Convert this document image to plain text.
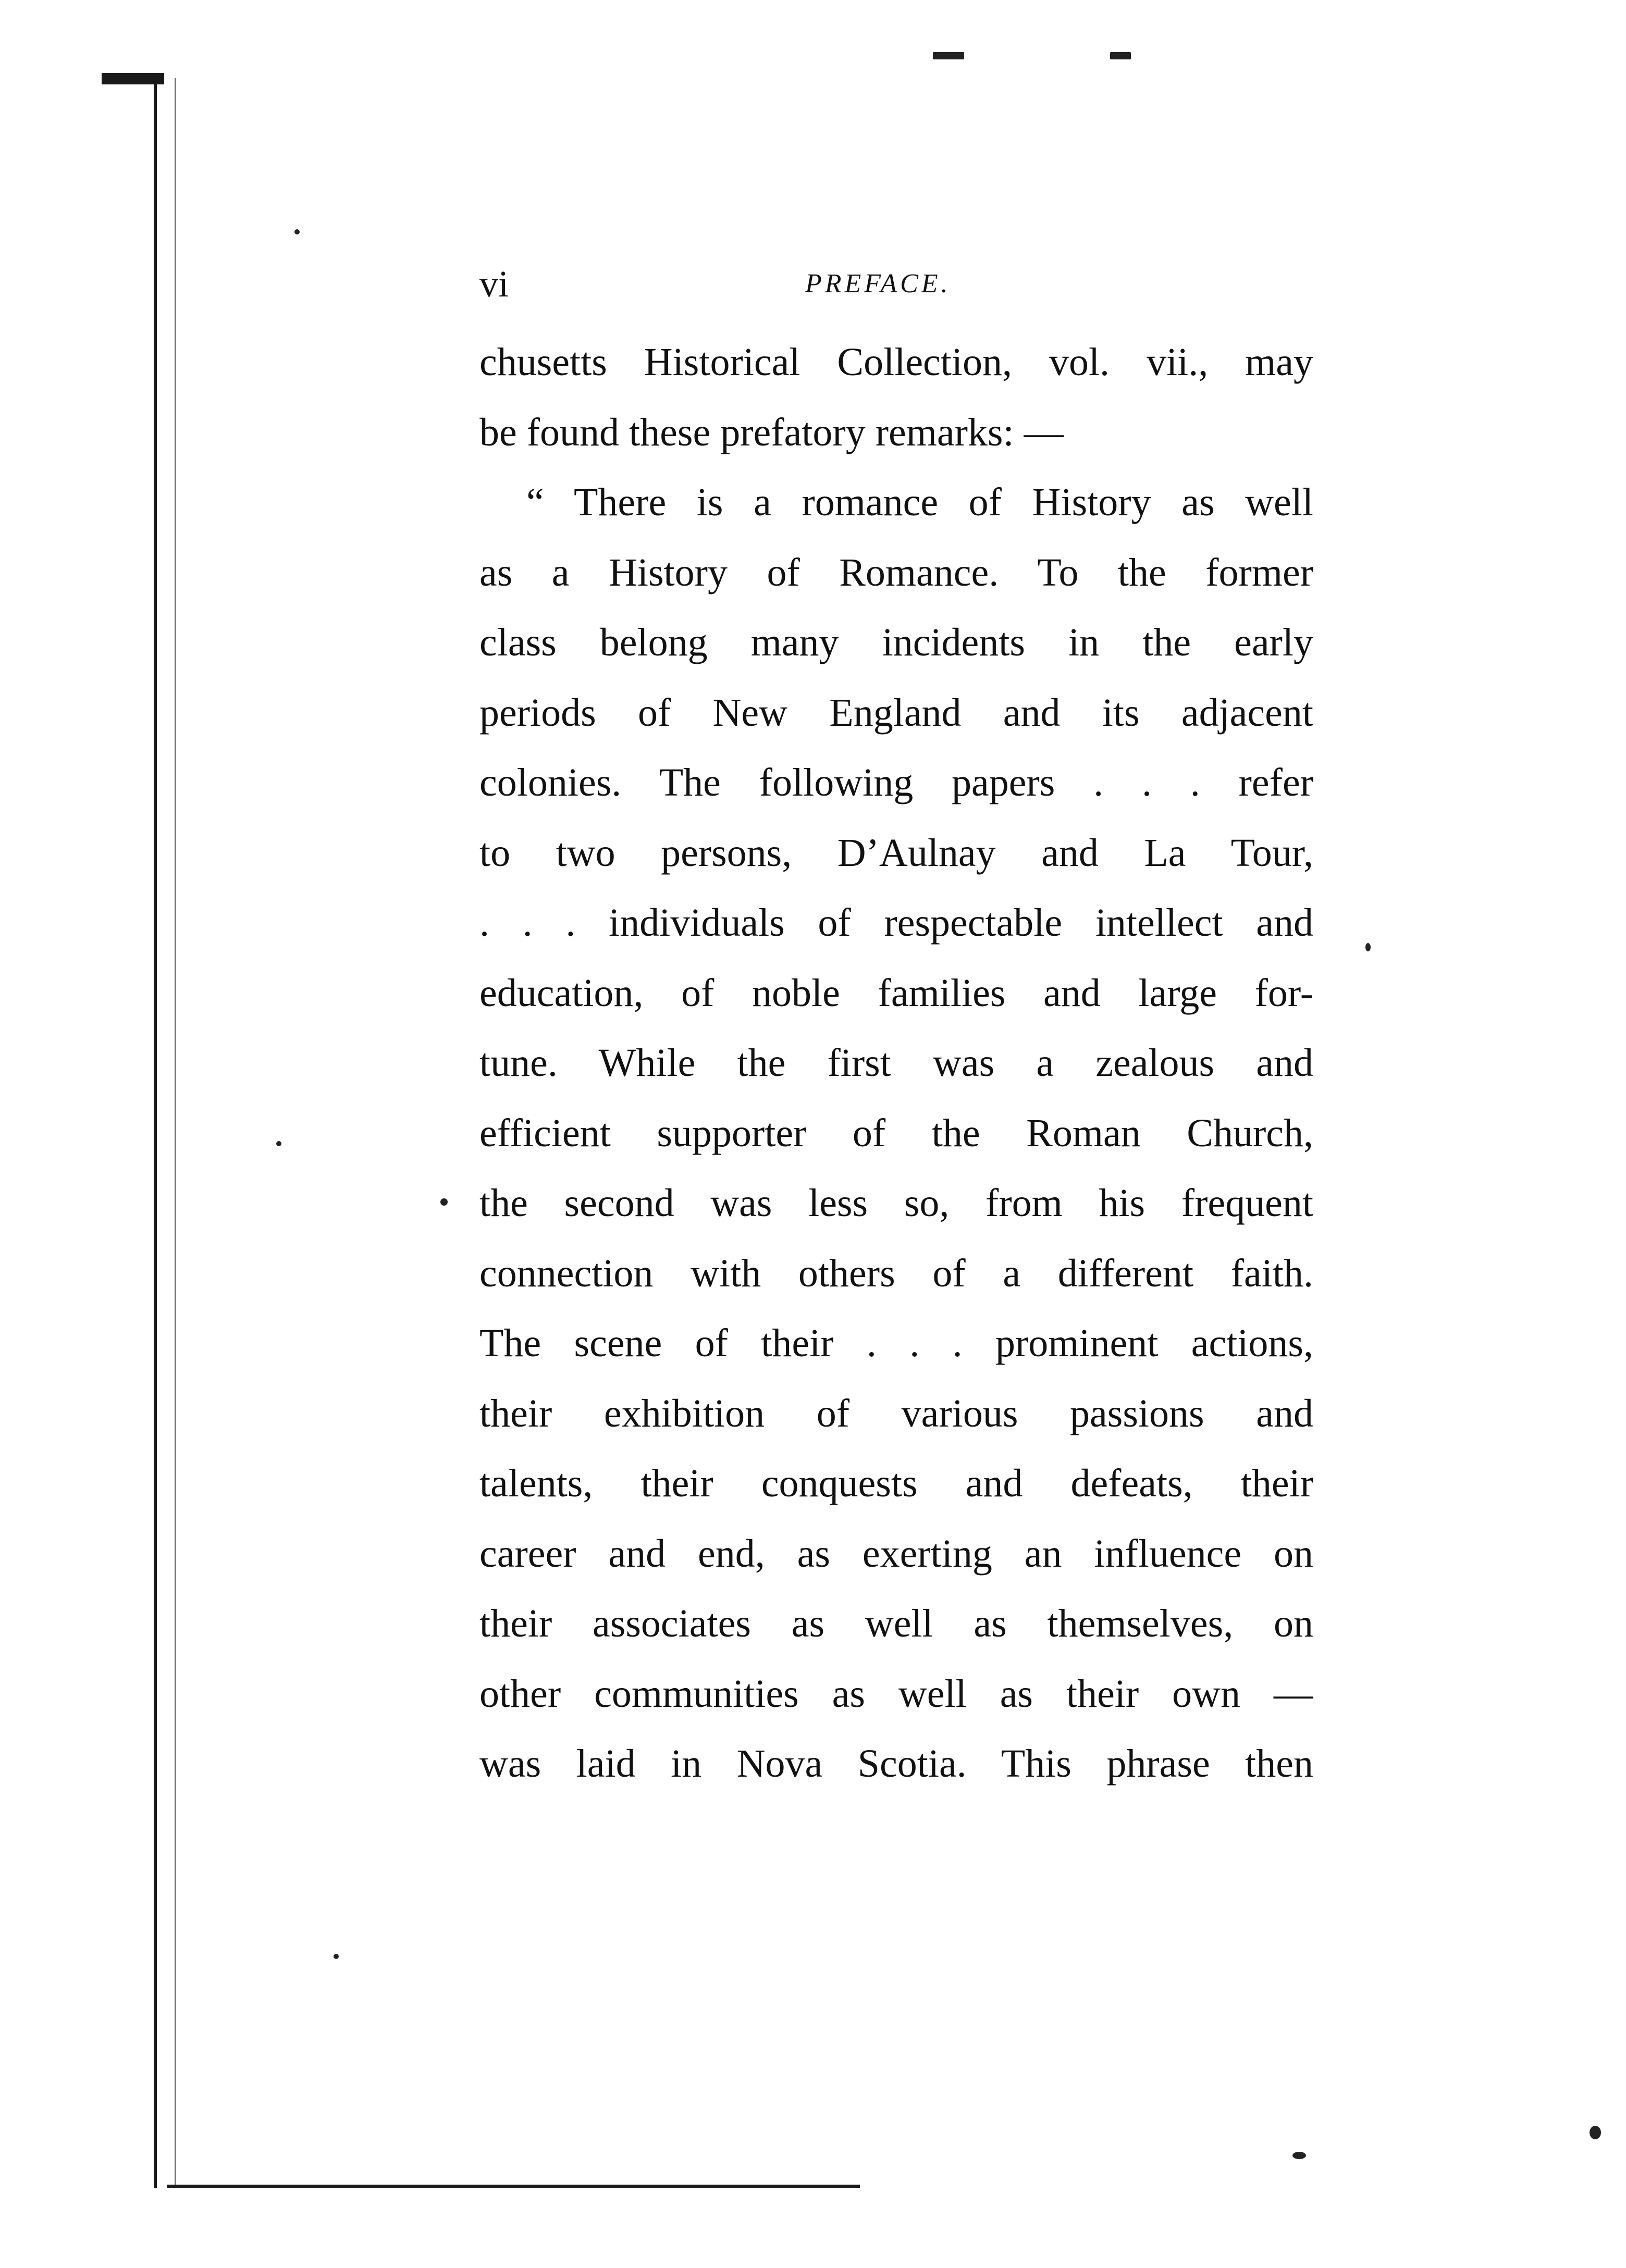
vi	PREFACE.
chusetts Historical Collection, vol. vii., may
be found these prefatory remarks: —
“ There is a romance of History as well
as a History of Romance. To the former
class belong many incidents in the early
periods of New England and its adjacent
colonies. The following papers . . . refer
to two persons, D’Aulnay and La Tour,
. . . individuals of respectable intellect and
education, of noble families and large for-
tune. While the first was a zealous and
efficient supporter of the Roman Church,
the second was less so, from his frequent
connection with others of a different faith.
The scene of their . . . prominent actions,
their exhibition of various passions and
talents, their conquests and defeats, their
career and end, as exerting an influence on
their associates as well as themselves, on
other communities as well as their own —
was laid in Nova Scotia. This phrase then
